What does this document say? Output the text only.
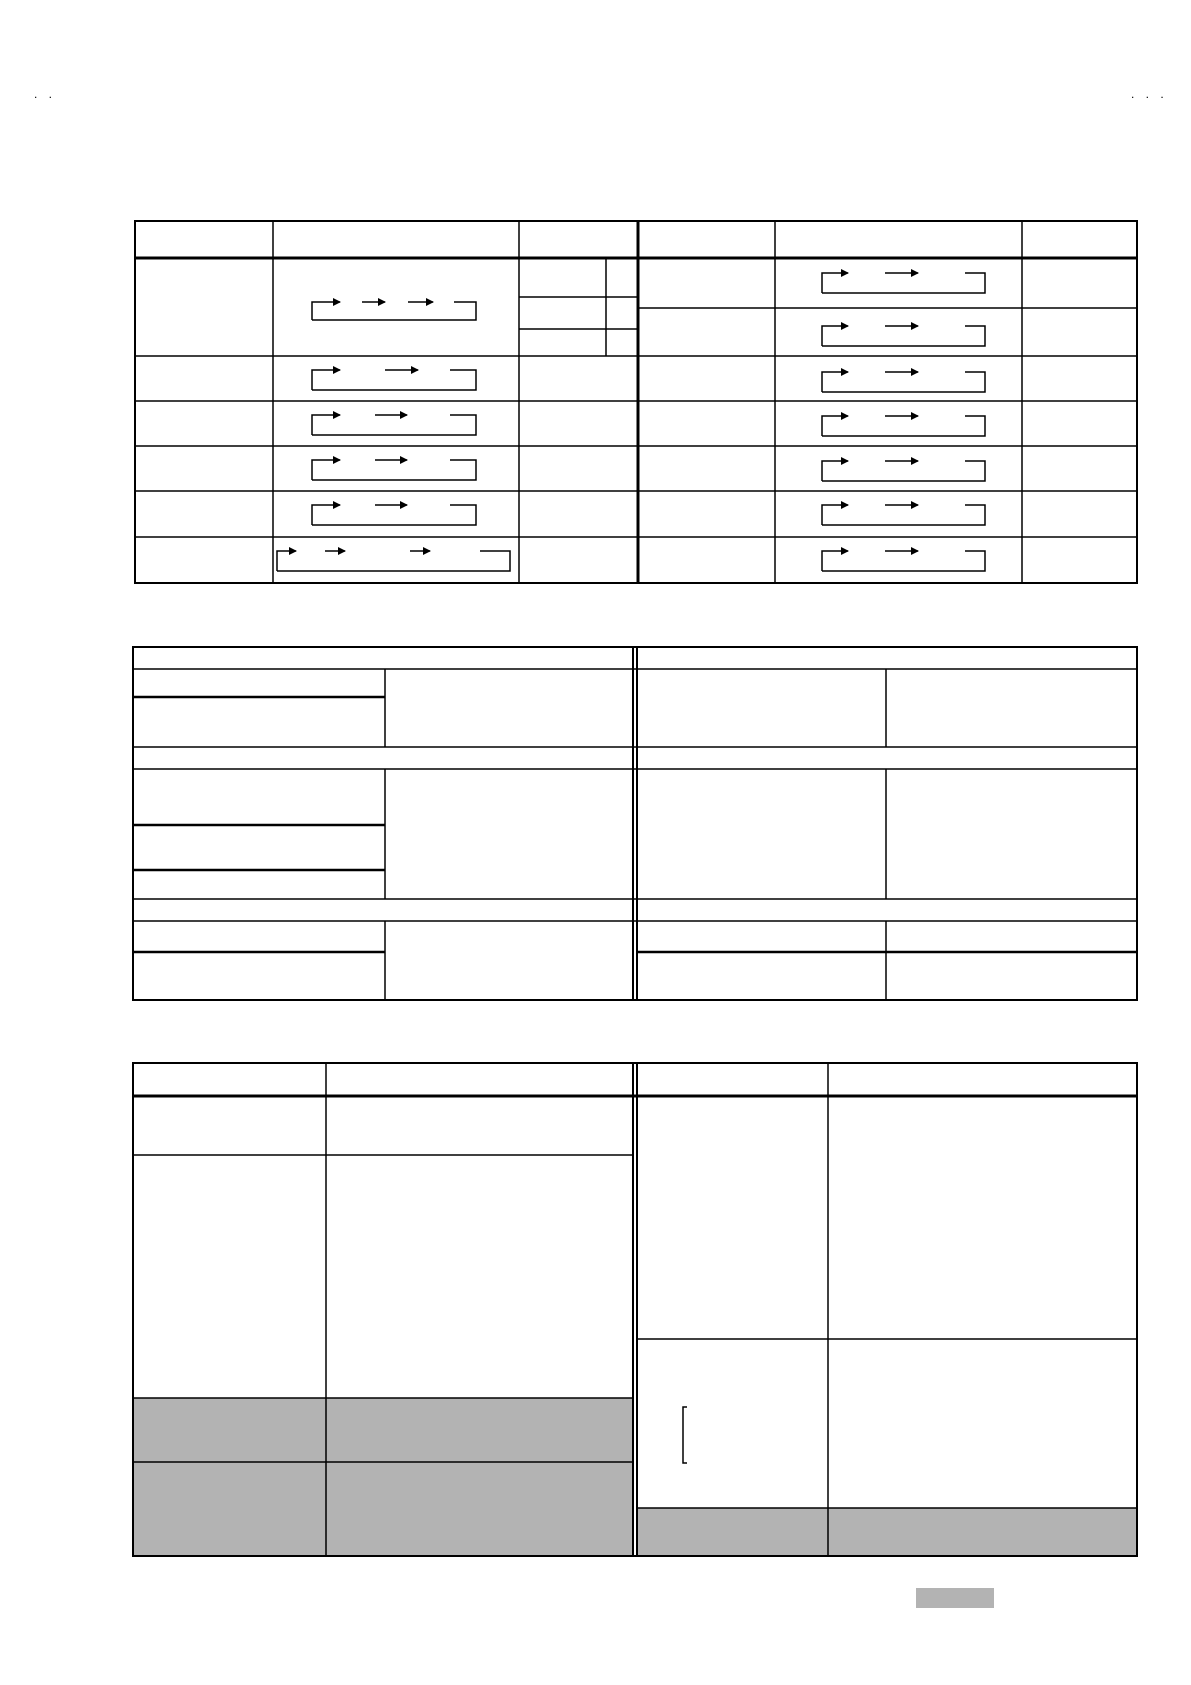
. .	. . .
